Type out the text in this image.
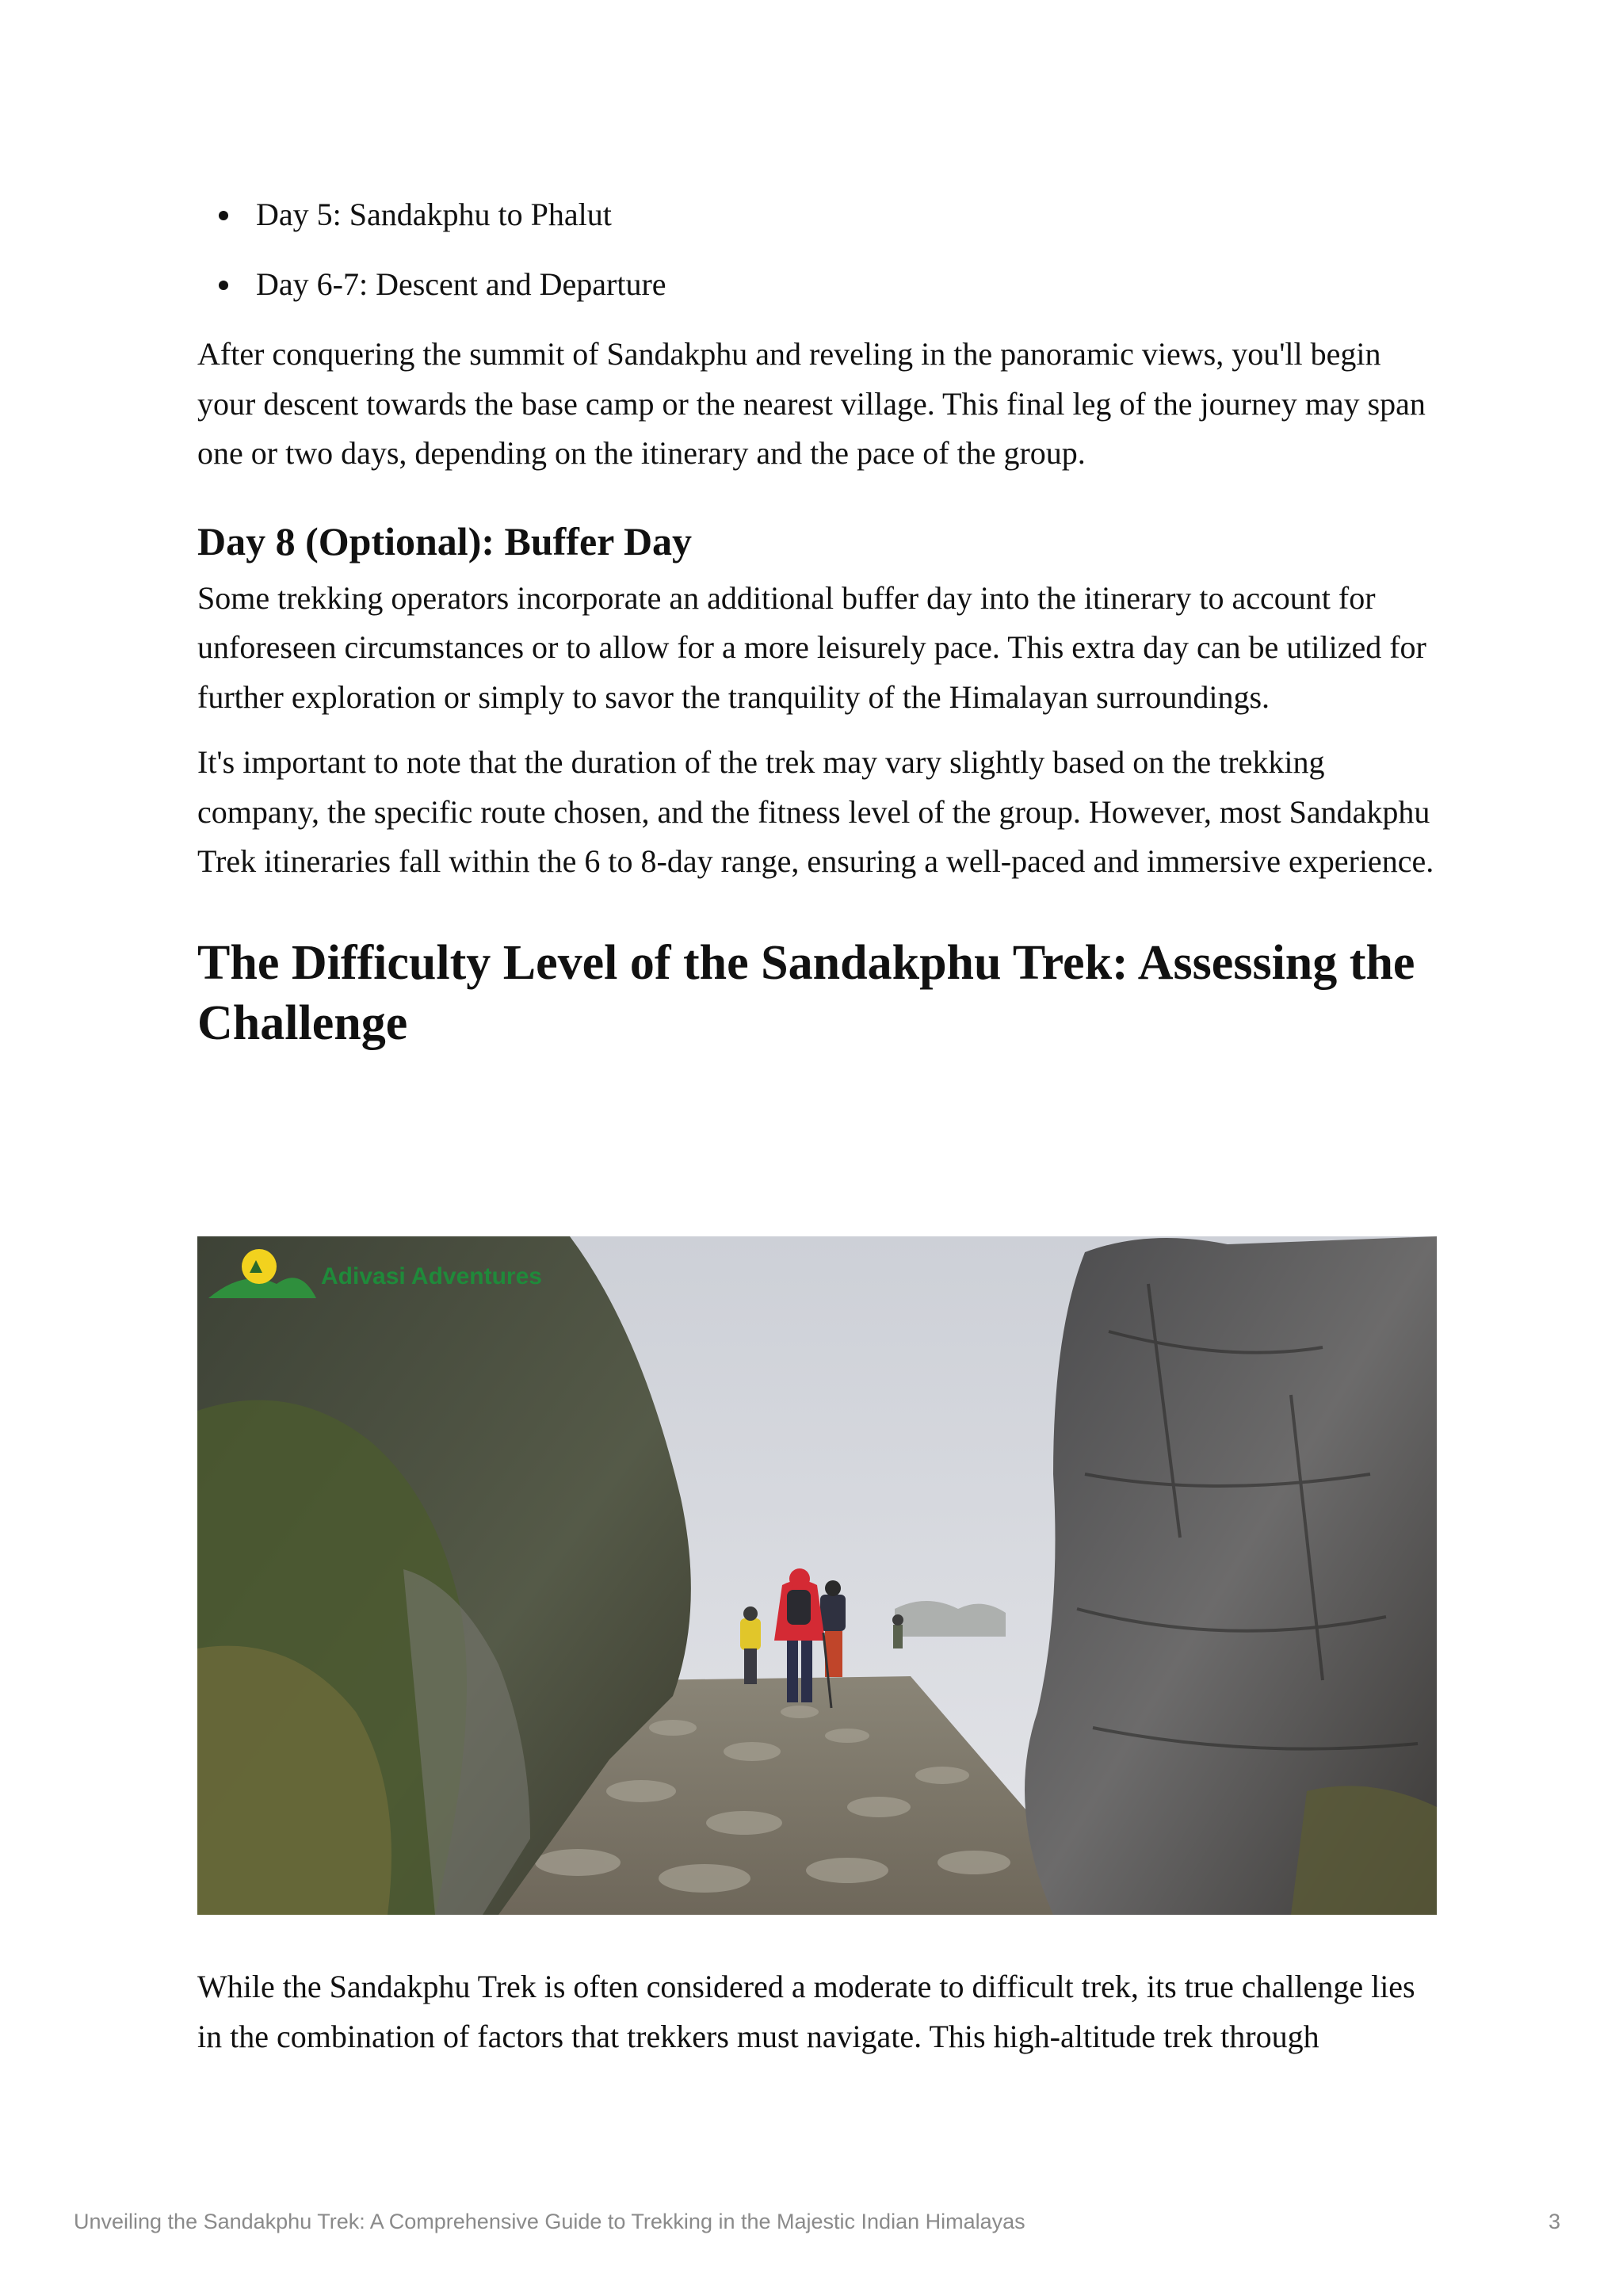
Day 5: Sandakphu to Phalut
Day 6-7: Descent and Departure

After conquering the summit of Sandakphu and reveling in the panoramic views, you'll begin your descent towards the base camp or the nearest village. This final leg of the journey may span one or two days, depending on the itinerary and the pace of the group.

Day 8 (Optional): Buffer Day

Some trekking operators incorporate an additional buffer day into the itinerary to account for unforeseen circumstances or to allow for a more leisurely pace. This extra day can be utilized for further exploration or simply to savor the tranquility of the Himalayan surroundings.

It's important to note that the duration of the trek may vary slightly based on the trekking company, the specific route chosen, and the fitness level of the group. However, most Sandakphu Trek itineraries fall within the 6 to 8-day range, ensuring a well-paced and immersive experience.

The Difficulty Level of the Sandakphu Trek: Assessing the Challenge
Adivasi Adventures

While the Sandakphu Trek is often considered a moderate to difficult trek, its true challenge lies in the combination of factors that trekkers must navigate. This high-altitude trek through

Unveiling the Sandakphu Trek: A Comprehensive Guide to Trekking in the Majestic Indian Himalayas	3
